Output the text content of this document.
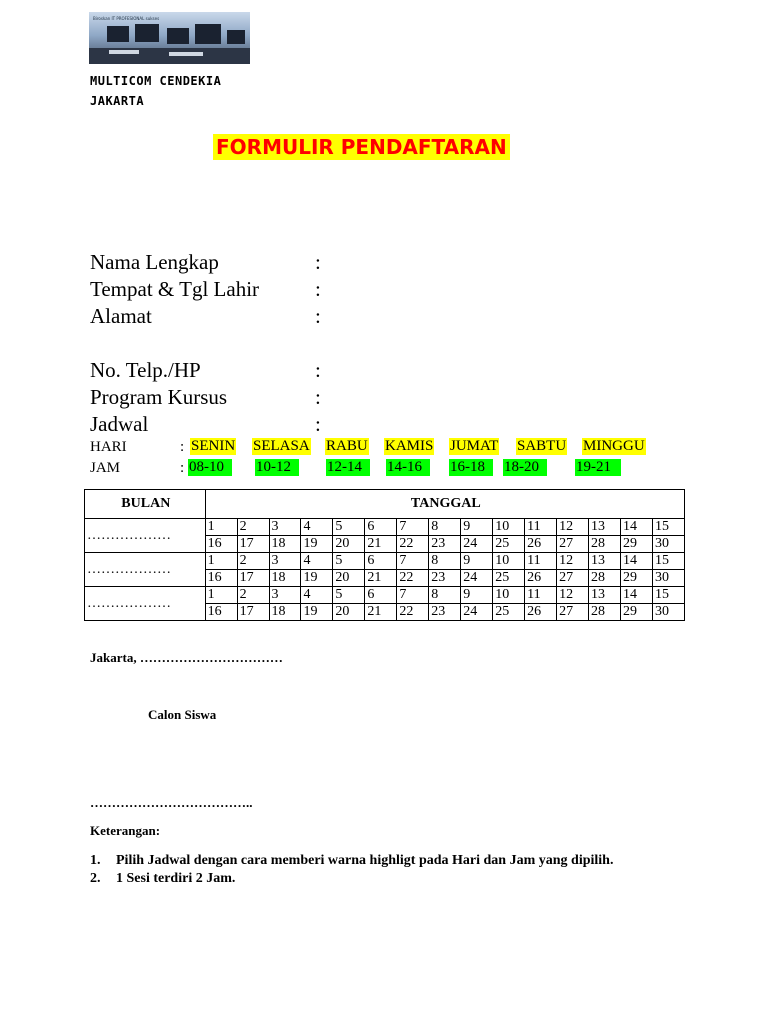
Biroskan IT PROFESIONAL sukses
MULTICOM CENDEKIA
JAKARTA
FORMULIR PENDAFTARAN
Nama Lengkap	:
Tempat & Tgl Lahir	:
Alamat	:
No. Telp./HP	:
Program Kursus	:
Jadwal	:
HARI	: SENIN SELASA RABU KAMIS JUMAT SABTU MINGGU
JAM	: 08-10	10-12	12-14	14-16	16-18	18-20	19-21
BULAN	TANGGAL														
………………	1	2	3	4	5	6	7	8	9	10	11	12	13	14	15
	16	17	18	19	20	21	22	23	24	25	26	27	28	29	30
………………	1	2	3	4	5	6	7	8	9	10	11	12	13	14	15
	16	17	18	19	20	21	22	23	24	25	26	27	28	29	30
………………	1	2	3	4	5	6	7	8	9	10	11	12	13	14	15
	16	17	18	19	20	21	22	23	24	25	26	27	28	29	30
Jakarta, ……………………………
Calon Siswa
………………………………..
Keterangan:
1.	Pilih Jadwal dengan cara memberi warna highligt pada Hari dan Jam yang dipilih.
2.	1 Sesi terdiri 2 Jam.
